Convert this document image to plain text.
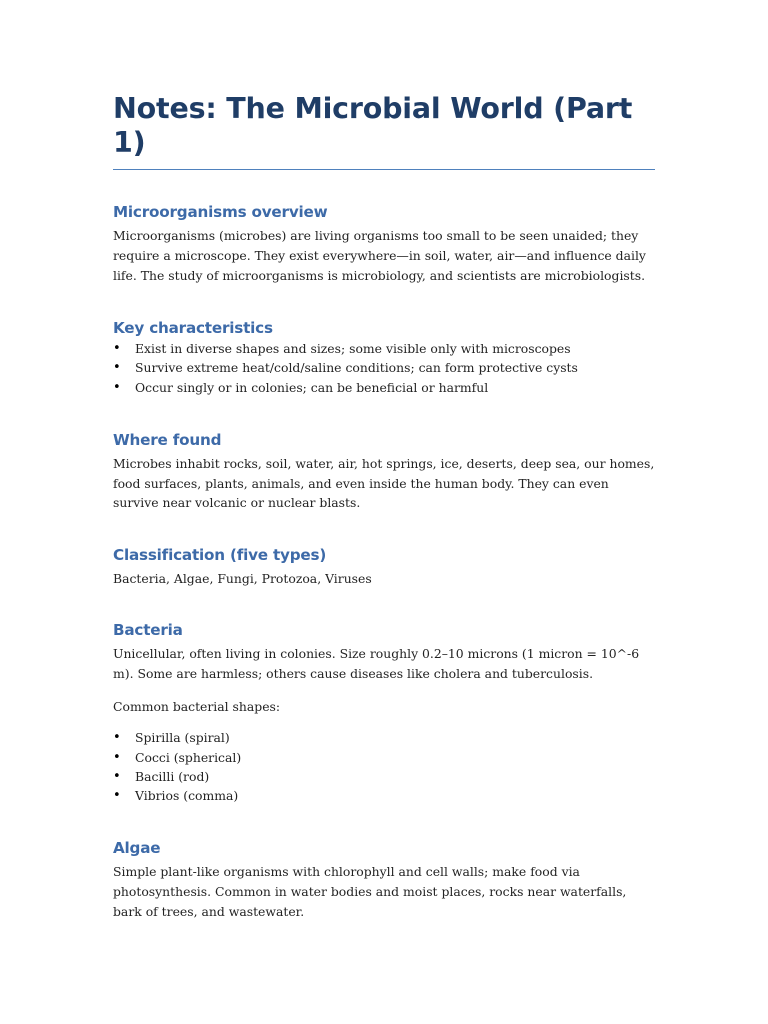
Notes: The Microbial World (Part 1)
Microorganisms overview

Microorganisms (microbes) are living organisms too small to be seen unaided; they require a microscope. They exist everywhere—in soil, water, air—and influence daily life. The study of microorganisms is microbiology, and scientists are microbiologists.

Key characteristics
• Exist in diverse shapes and sizes; some visible only with microscopes
• Survive extreme heat/cold/saline conditions; can form protective cysts
• Occur singly or in colonies; can be beneficial or harmful
Where found

Microbes inhabit rocks, soil, water, air, hot springs, ice, deserts, deep sea, our homes, food surfaces, plants, animals, and even inside the human body. They can even survive near volcanic or nuclear blasts.

Classification (five types)

Bacteria, Algae, Fungi, Protozoa, Viruses

Bacteria

Unicellular, often living in colonies. Size roughly 0.2–10 microns (1 micron = 10^-6 m). Some are harmless; others cause diseases like cholera and tuberculosis.

Common bacterial shapes:

• Spirilla (spiral)
• Cocci (spherical)
• Bacilli (rod)
• Vibrios (comma)
Algae

Simple plant-like organisms with chlorophyll and cell walls; make food via photosynthesis. Common in water bodies and moist places, rocks near waterfalls, bark of trees, and wastewater.
